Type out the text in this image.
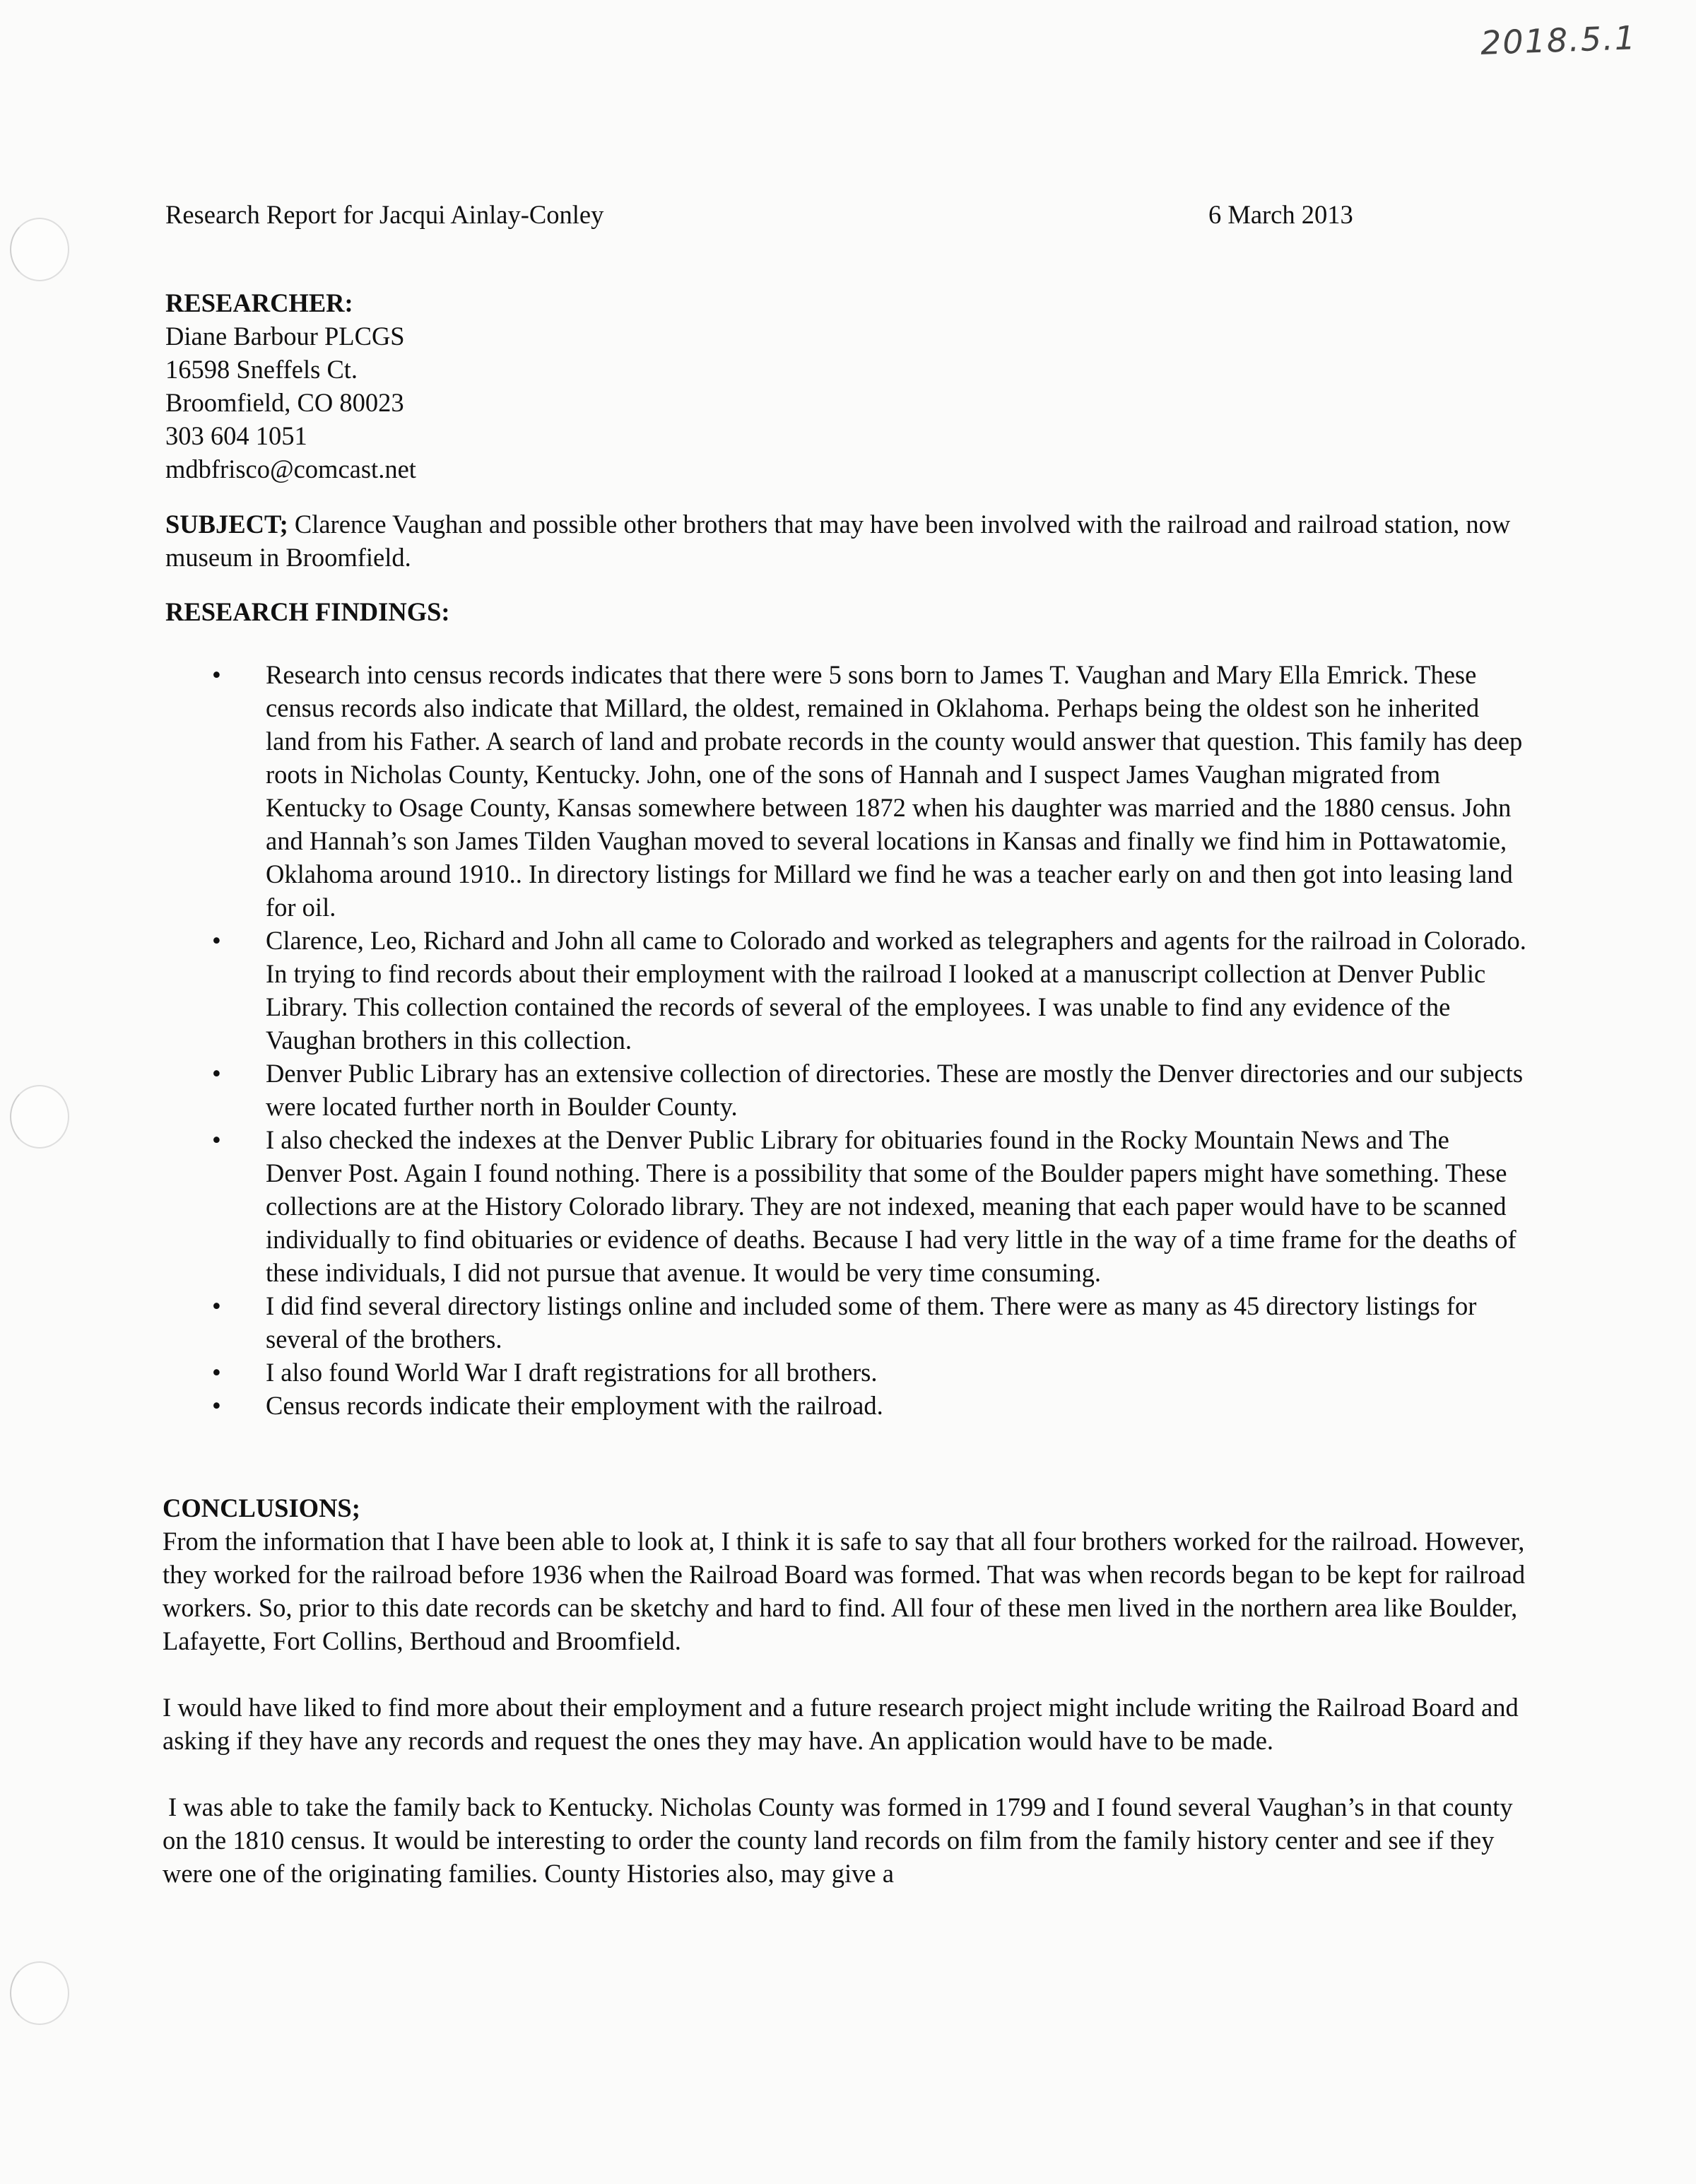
2018.5.1
Research Report for Jacqui Ainlay-Conley	6 March 2013
RESEARCHER:
Diane Barbour PLCGS
16598 Sneffels Ct.
Broomfield, CO 80023
303 604 1051
mdbfrisco@comcast.net
SUBJECT; Clarence Vaughan and possible other brothers that may have been involved with the railroad and railroad station, now museum in Broomfield.
RESEARCH FINDINGS:
• Research into census records indicates that there were 5 sons born to James T. Vaughan and Mary Ella Emrick. These census records also indicate that Millard, the oldest, remained in Oklahoma. Perhaps being the oldest son he inherited land from his Father. A search of land and probate records in the county would answer that question. This family has deep roots in Nicholas County, Kentucky. John, one of the sons of Hannah and I suspect James Vaughan migrated from Kentucky to Osage County, Kansas somewhere between 1872 when his daughter was married and the 1880 census. John and Hannah’s son James Tilden Vaughan moved to several locations in Kansas and finally we find him in Pottawatomie, Oklahoma around 1910.. In directory listings for Millard we find he was a teacher early on and then got into leasing land for oil.
• Clarence, Leo, Richard and John all came to Colorado and worked as telegraphers and agents for the railroad in Colorado. In trying to find records about their employment with the railroad I looked at a manuscript collection at Denver Public Library. This collection contained the records of several of the employees. I was unable to find any evidence of the Vaughan brothers in this collection.
• Denver Public Library has an extensive collection of directories. These are mostly the Denver directories and our subjects were located further north in Boulder County.
• I also checked the indexes at the Denver Public Library for obituaries found in the Rocky Mountain News and The Denver Post. Again I found nothing. There is a possibility that some of the Boulder papers might have something. These collections are at the History Colorado library. They are not indexed, meaning that each paper would have to be scanned individually to find obituaries or evidence of deaths. Because I had very little in the way of a time frame for the deaths of these individuals, I did not pursue that avenue. It would be very time consuming.
• I did find several directory listings online and included some of them. There were as many as 45 directory listings for several of the brothers.
• I also found World War I draft registrations for all brothers.
• Census records indicate their employment with the railroad.
CONCLUSIONS;
From the information that I have been able to look at, I think it is safe to say that all four brothers worked for the railroad. However, they worked for the railroad before 1936 when the Railroad Board was formed. That was when records began to be kept for railroad workers. So, prior to this date records can be sketchy and hard to find. All four of these men lived in the northern area like Boulder, Lafayette, Fort Collins, Berthoud and Broomfield.
I would have liked to find more about their employment and a future research project might include writing the Railroad Board and asking if they have any records and request the ones they may have. An application would have to be made.
I was able to take the family back to Kentucky. Nicholas County was formed in 1799 and I found several Vaughan’s in that county on the 1810 census. It would be interesting to order the county land records on film from the family history center and see if they were one of the originating families. County Histories also, may give a
